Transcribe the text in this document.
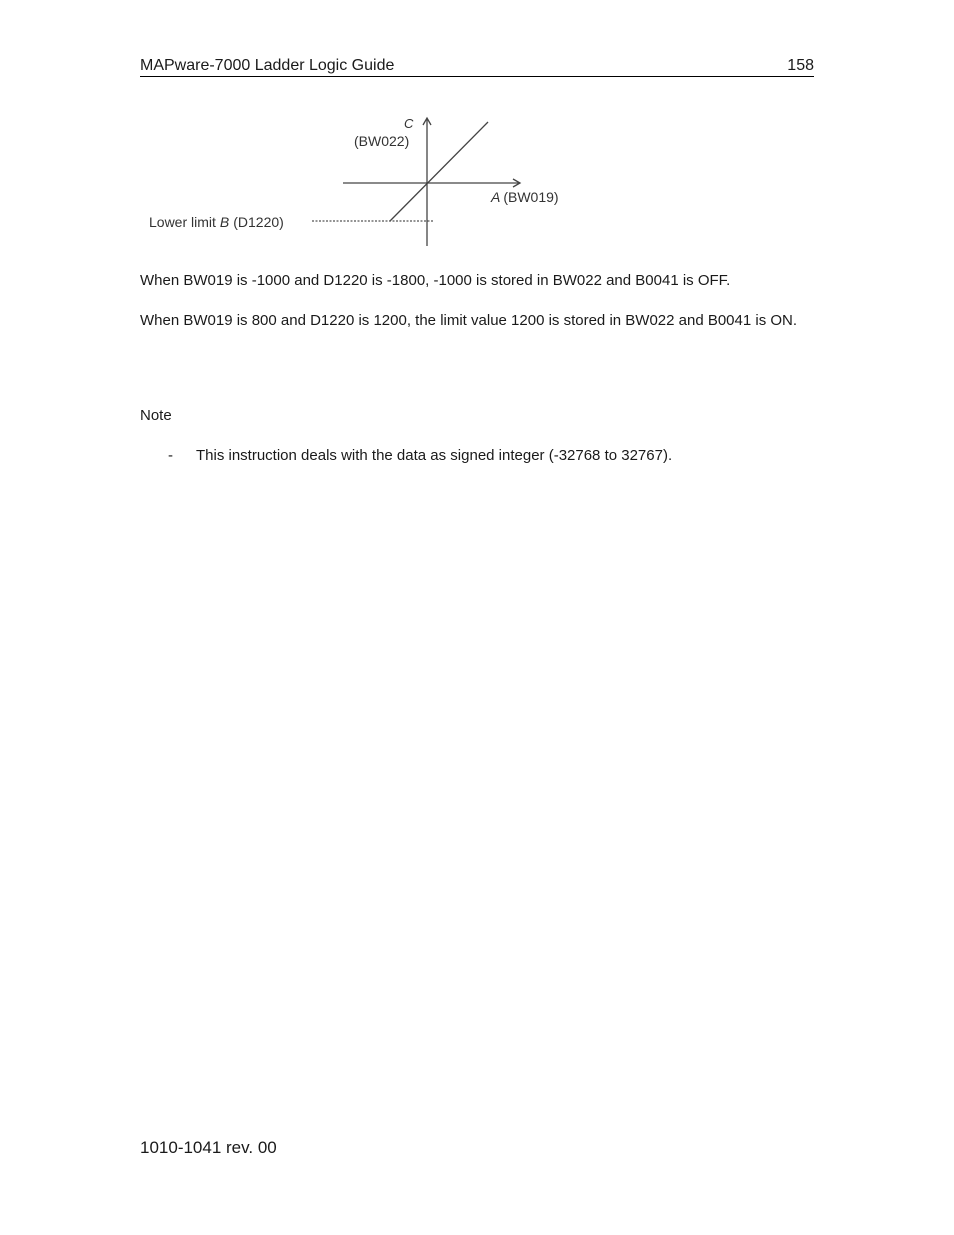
MAPware-7000 Ladder Logic Guide	158
C
(BW022)
A (BW019)
Lower limit B (D1220)
When BW019 is -1000 and D1220 is -1800, -1000 is stored in BW022 and B0041 is OFF.
When BW019 is 800 and D1220 is 1200, the limit value 1200 is stored in BW022 and B0041 is ON.
Note
- This instruction deals with the data as signed integer (-32768 to 32767).
1010-1041 rev. 00
